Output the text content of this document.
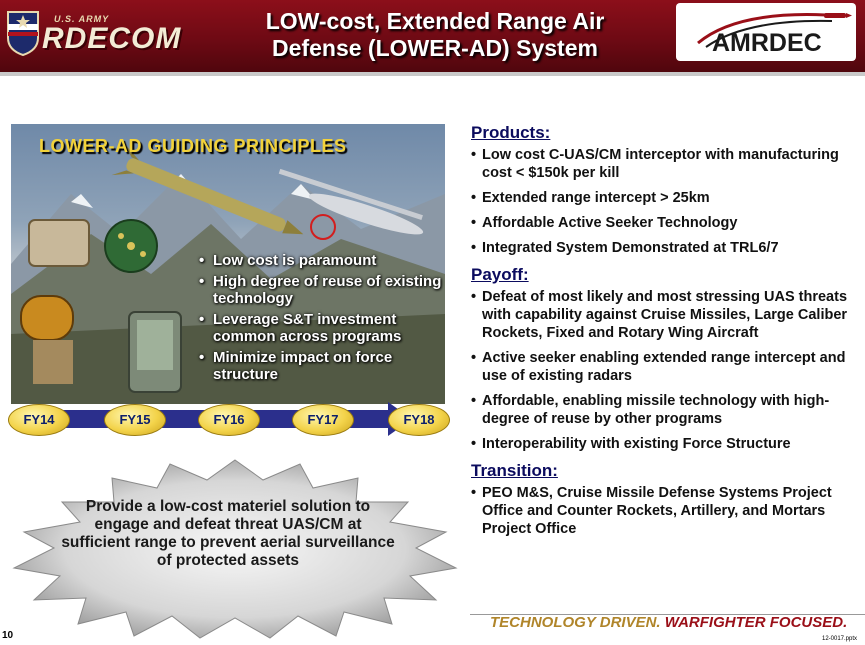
U.S. ARMY
RDECOM
LOW-cost, Extended Range Air
Defense (LOWER-AD) System	AMRDEC
LOWER-AD GUIDING PRINCIPLES
• Low cost is paramount
• High degree of reuse of existing technology
• Leverage S&T investment common across programs
• Minimize impact on force structure
FY14	FY15	FY16	FY17	FY18
Provide a low-cost materiel solution to engage and defeat threat UAS/CM at sufficient range to prevent aerial surveillance of protected assets
Products:
• Low cost C-UAS/CM interceptor with manufacturing cost < $150k per kill
• Extended range intercept > 25km
• Affordable Active Seeker Technology
• Integrated System Demonstrated at TRL6/7
Payoff:
• Defeat of most likely and most stressing UAS threats with capability against Cruise Missiles, Large Caliber Rockets, Fixed and Rotary Wing Aircraft
• Active seeker enabling extended range intercept and use of existing radars
• Affordable, enabling missile technology with high-degree of reuse by other programs
• Interoperability with existing Force Structure
Transition:
• PEO M&S, Cruise Missile Defense Systems Project Office and Counter Rockets, Artillery, and Mortars Project Office
TECHNOLOGY DRIVEN. WARFIGHTER FOCUSED.
10	12-0017.pptx
